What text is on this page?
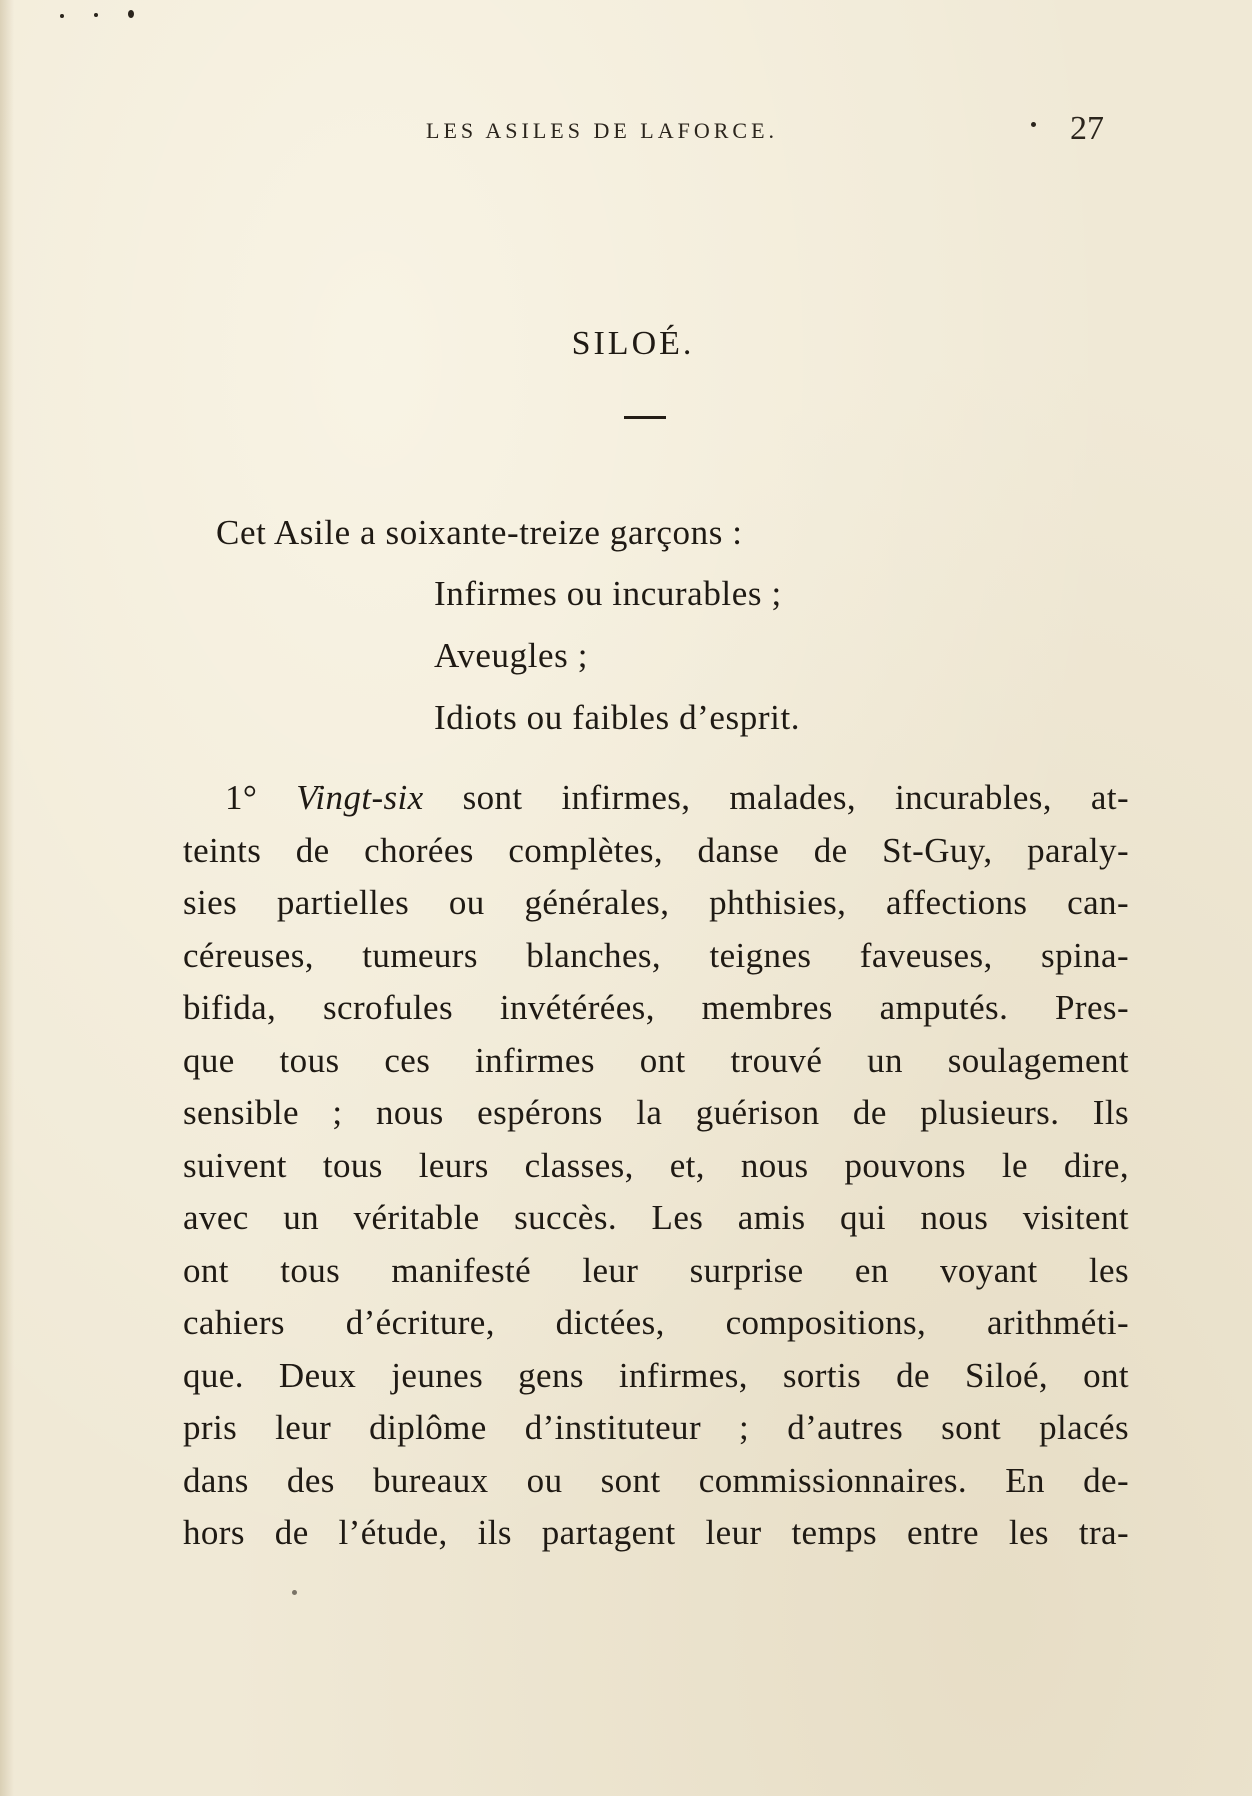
LES ASILES DE LAFORCE.	27
SILOÉ.
Cet Asile a soixante-treize garçons :
Infirmes ou incurables ;
Aveugles ;
Idiots ou faibles d’esprit.
1° Vingt-six sont infirmes, malades, incurables, at-
teints de chorées complètes, danse de St-Guy, paraly-
sies partielles ou générales, phthisies, affections can-
céreuses, tumeurs blanches, teignes faveuses, spina-
bifida, scrofules invétérées, membres amputés. Pres-
que tous ces infirmes ont trouvé un soulagement
sensible ; nous espérons la guérison de plusieurs. Ils
suivent tous leurs classes, et, nous pouvons le dire,
avec un véritable succès. Les amis qui nous visitent
ont tous manifesté leur surprise en voyant les
cahiers d’écriture, dictées, compositions, arithméti-
que. Deux jeunes gens infirmes, sortis de Siloé, ont
pris leur diplôme d’instituteur ; d’autres sont placés
dans des bureaux ou sont commissionnaires. En de-
hors de l’étude, ils partagent leur temps entre les tra-
